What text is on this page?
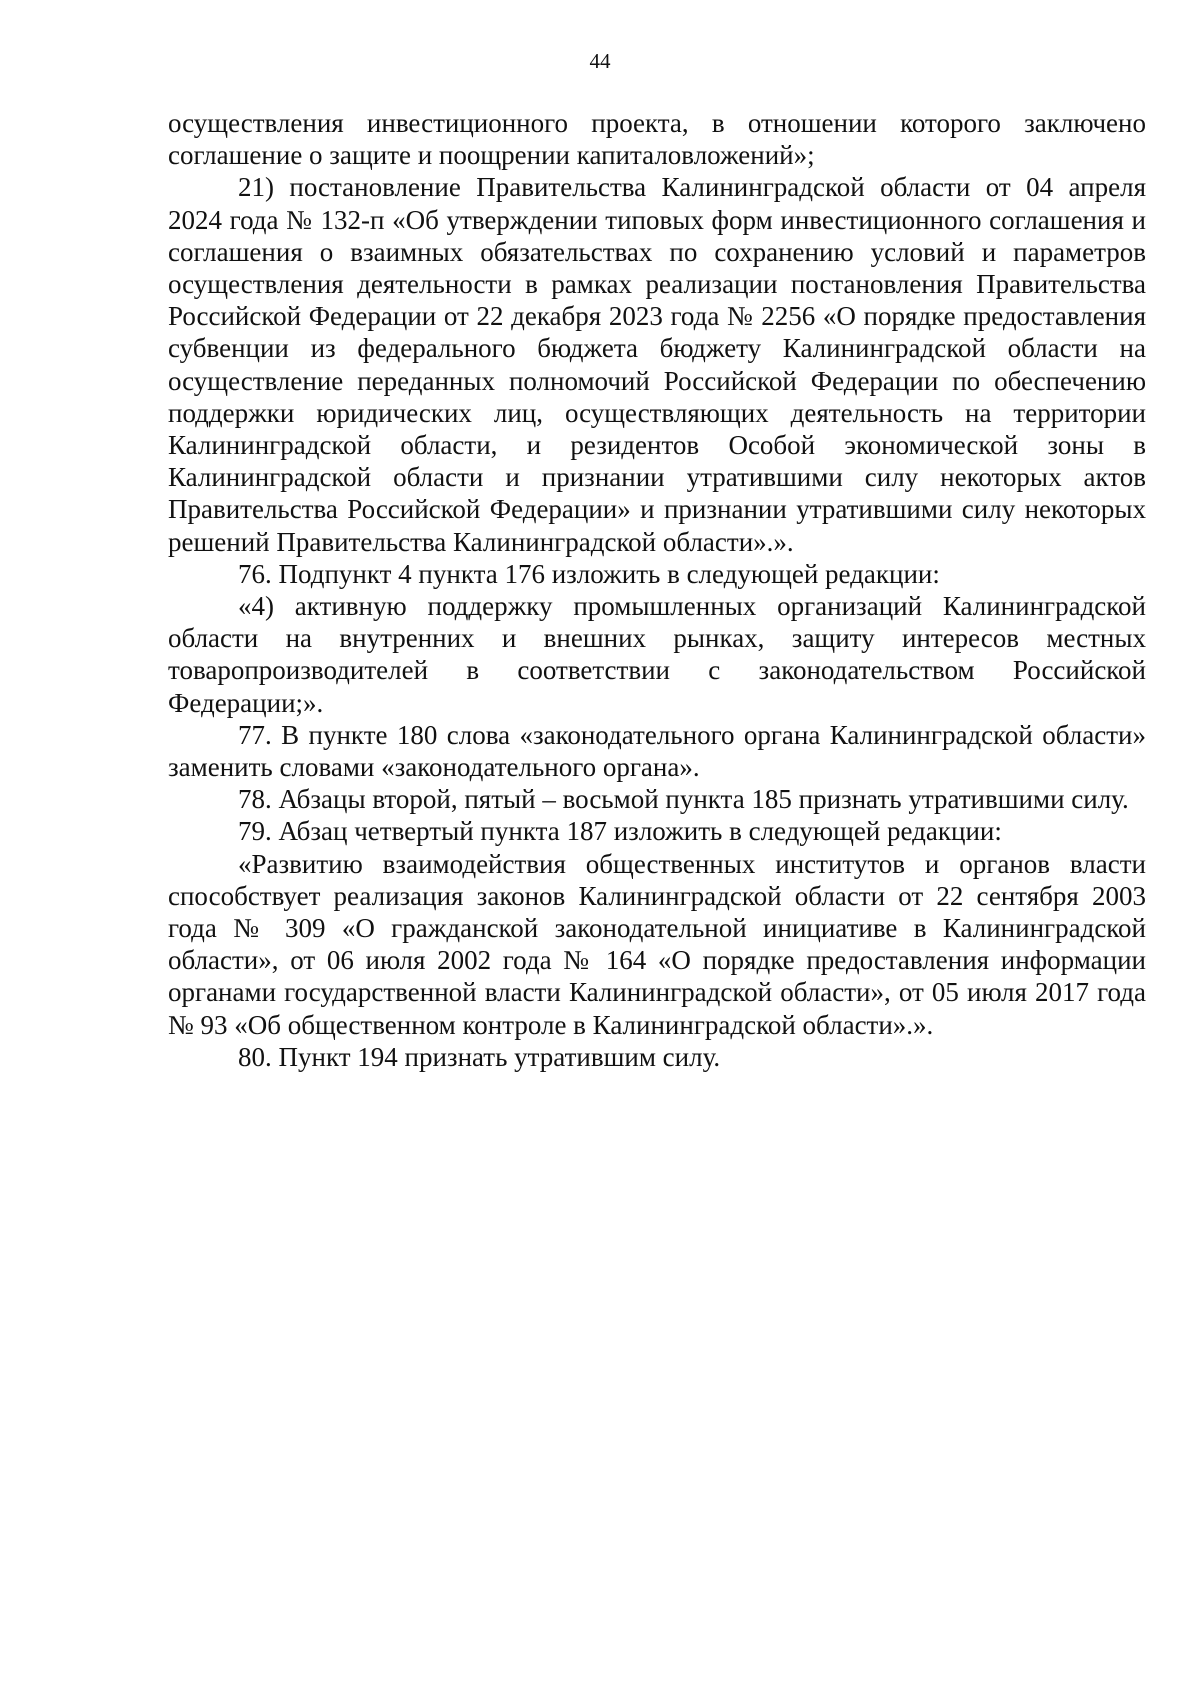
44

осуществления инвестиционного проекта, в отношении которого заключено соглашение о защите и поощрении капиталовложений»;

21) постановление Правительства Калининградской области от 04 апреля 2024 года № 132-п «Об утверждении типовых форм инвестиционного соглашения и соглашения о взаимных обязательствах по сохранению условий и параметров осуществления деятельности в рамках реализации постановления Правительства Российской Федерации от 22 декабря 2023 года № 2256 «О порядке предоставления субвенции из федерального бюджета бюджету Калининградской области на осуществление переданных полномочий Российской Федерации по обеспечению поддержки юридических лиц, осуществляющих деятельность на территории Калининградской области, и резидентов Особой экономической зоны в Калининградской области и признании утратившими силу некоторых актов Правительства Российской Федерации» и признании утратившими силу некоторых решений Правительства Калининградской области».».

76. Подпункт 4 пункта 176 изложить в следующей редакции:

«4) активную поддержку промышленных организаций Калининградской области на внутренних и внешних рынках, защиту интересов местных товаропроизводителей в соответствии с законодательством Российской Федерации;».

77. В пункте 180 слова «законодательного органа Калининградской области» заменить словами «законодательного органа».

78. Абзацы второй, пятый – восьмой пункта 185 признать утратившими силу.

79. Абзац четвертый пункта 187 изложить в следующей редакции:

«Развитию взаимодействия общественных институтов и органов власти способствует реализация законов Калининградской области от 22 сентября 2003 года № 309 «О гражданской законодательной инициативе в Калининградской области», от 06 июля 2002 года № 164 «О порядке предоставления информации органами государственной власти Калининградской области», от 05 июля 2017 года № 93 «Об общественном контроле в Калининградской области».».

80. Пункт 194 признать утратившим силу.
